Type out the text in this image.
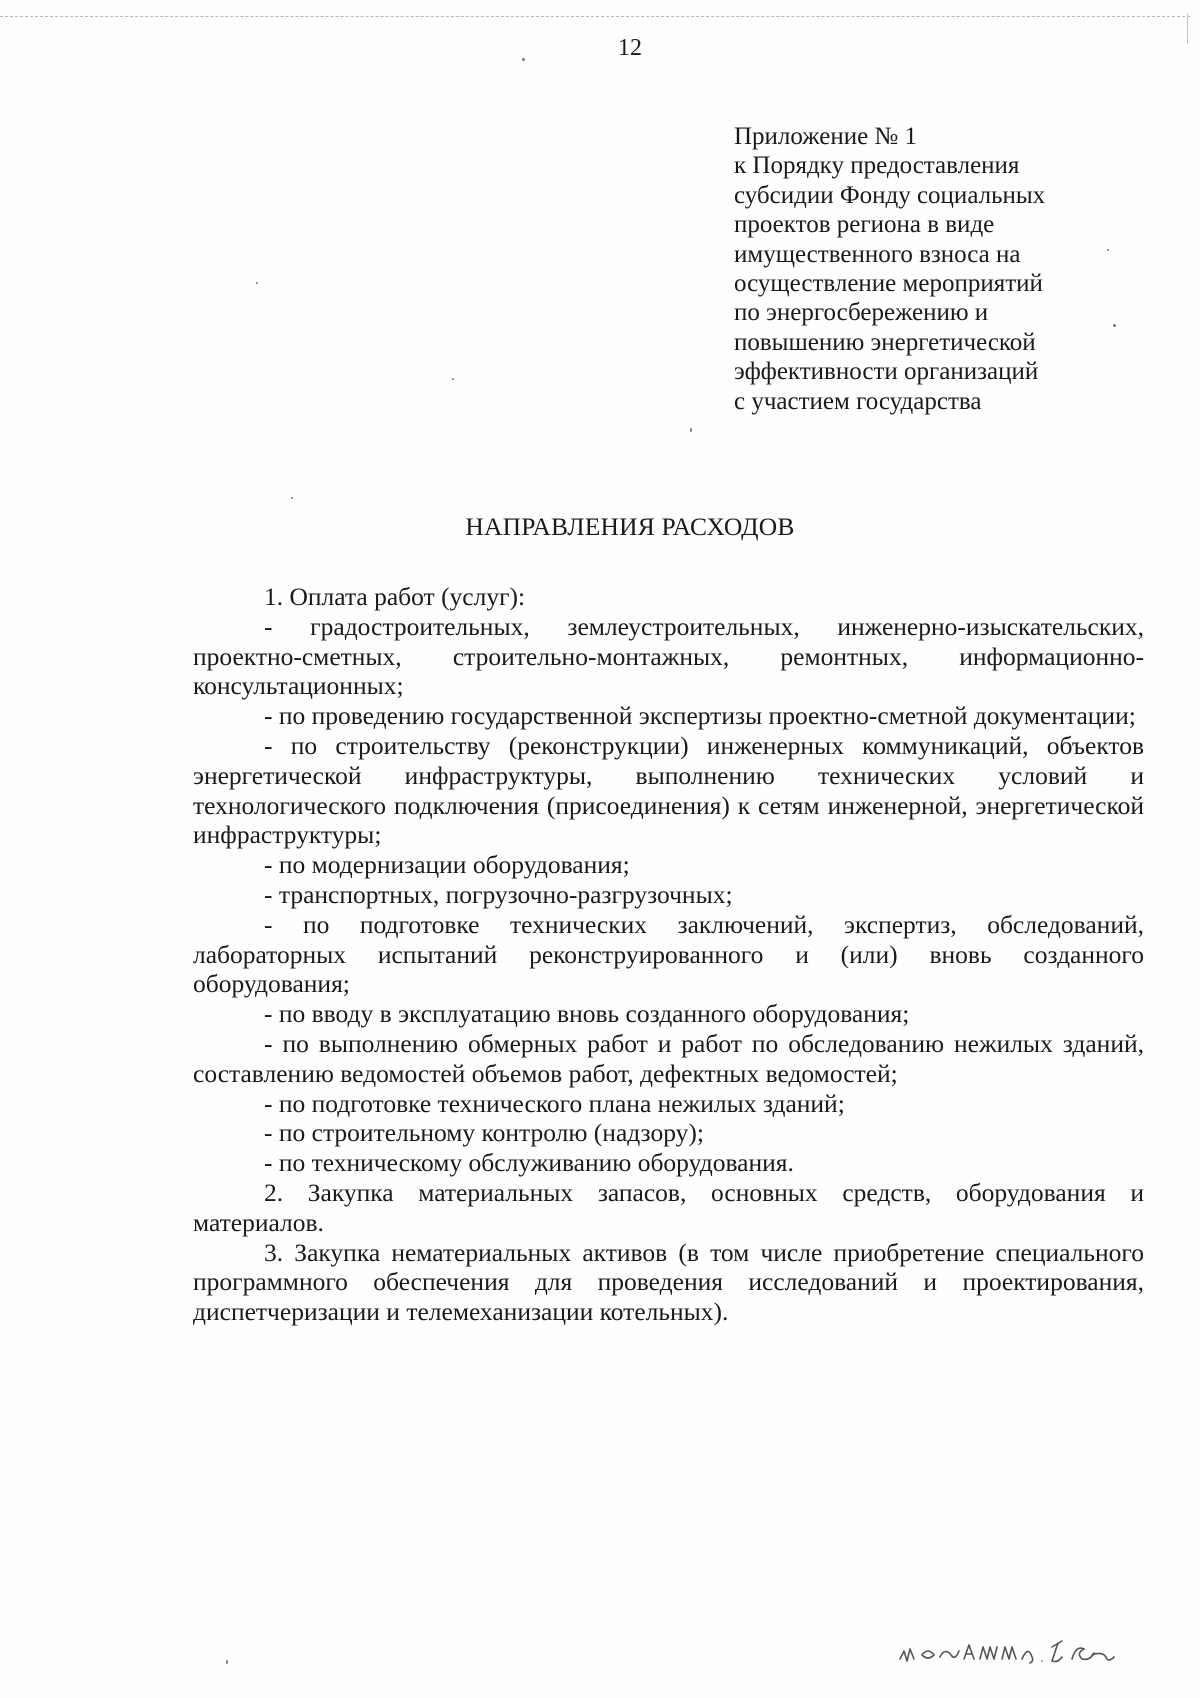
12
Приложение № 1
к Порядку предоставления
субсидии Фонду социальных
проектов региона в виде
имущественного взноса на
осуществление мероприятий
по энергосбережению и
повышению энергетической
эффективности организаций
с участием государства
НАПРАВЛЕНИЯ РАСХОДОВ

1. Оплата работ (услуг):

- градостроительных, землеустроительных, инженерно-изыскательских, проектно-сметных, строительно-монтажных, ремонтных, информационно-консультационных;

- по проведению государственной экспертизы проектно-сметной документации;

- по строительству (реконструкции) инженерных коммуникаций, объектов энергетической инфраструктуры, выполнению технических условий и технологического подключения (присоединения) к сетям инженерной, энергетической инфраструктуры;

- по модернизации оборудования;

- транспортных, погрузочно-разгрузочных;

- по подготовке технических заключений, экспертиз, обследований, лабораторных испытаний реконструированного и (или) вновь созданного оборудования;

- по вводу в эксплуатацию вновь созданного оборудования;

- по выполнению обмерных работ и работ по обследованию нежилых зданий, составлению ведомостей объемов работ, дефектных ведомостей;

- по подготовке технического плана нежилых зданий;

- по строительному контролю (надзору);

- по техническому обслуживанию оборудования.

2. Закупка материальных запасов, основных средств, оборудования и материалов.

3. Закупка нематериальных активов (в том числе приобретение специального программного обеспечения для проведения исследований и проектирования, диспетчеризации и телемеханизации котельных).
